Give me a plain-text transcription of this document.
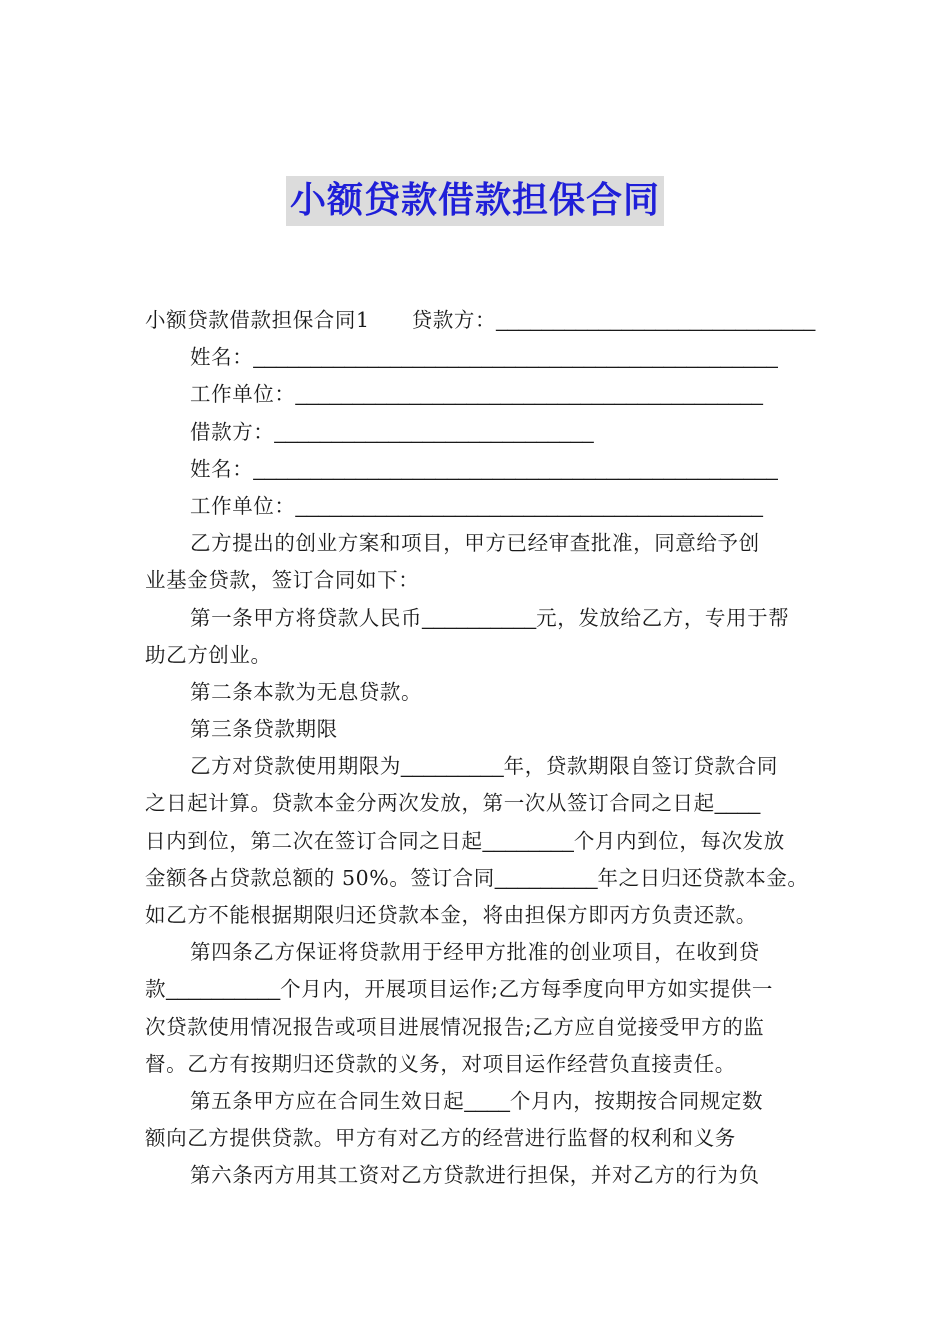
小额贷款借款担保合同
小额贷款借款担保合同1 贷款方：____________________________
姓名：______________________________________________
工作单位：_________________________________________
借款方：____________________________
姓名：______________________________________________
工作单位：_________________________________________
乙方提出的创业方案和项目，甲方已经审查批准，同意给予创
业基金贷款，签订合同如下：
第一条甲方将贷款人民币__________元，发放给乙方，专用于帮
助乙方创业。
第二条本款为无息贷款。
第三条贷款期限
乙方对贷款使用期限为_________年，贷款期限自签订贷款合同
之日起计算。贷款本金分两次发放，第一次从签订合同之日起____
日内到位，第二次在签订合同之日起________个月内到位，每次发放
金额各占贷款总额的 50%。签订合同_________年之日归还贷款本金。
如乙方不能根据期限归还贷款本金，将由担保方即丙方负责还款。
第四条乙方保证将贷款用于经甲方批准的创业项目，在收到贷
款__________个月内，开展项目运作;乙方每季度向甲方如实提供一
次贷款使用情况报告或项目进展情况报告;乙方应自觉接受甲方的监
督。乙方有按期归还贷款的义务，对项目运作经营负直接责任。
第五条甲方应在合同生效日起____个月内，按期按合同规定数
额向乙方提供贷款。甲方有对乙方的经营进行监督的权利和义务
第六条丙方用其工资对乙方贷款进行担保，并对乙方的行为负
